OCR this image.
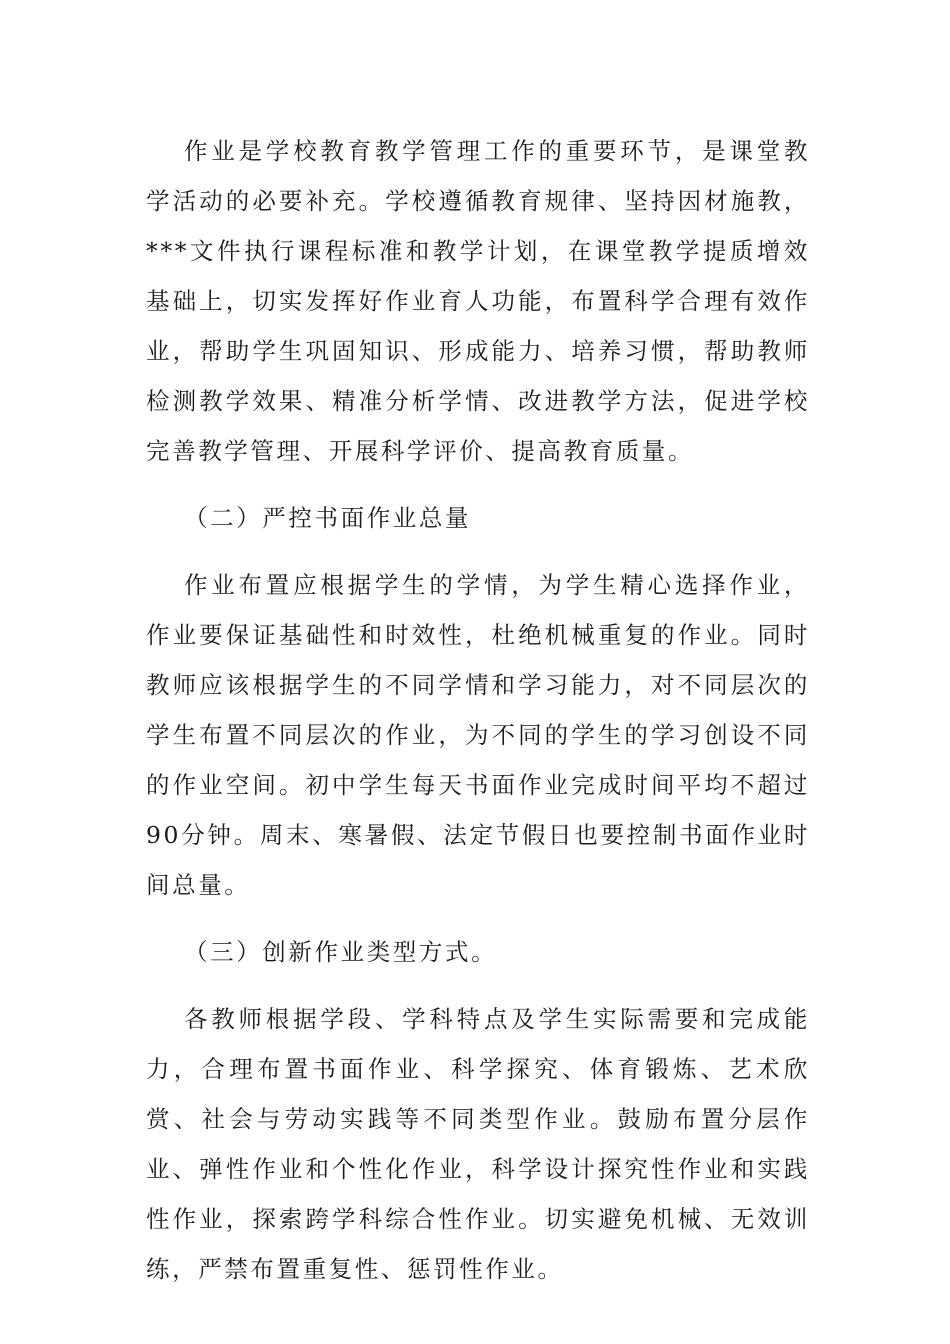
作业是学校教育教学管理工作的重要环节，是课堂教学活动的必要补充。学校遵循教育规律、坚持因材施教，***文件执行课程标准和教学计划，在课堂教学提质增效基础上，切实发挥好作业育人功能，布置科学合理有效作业，帮助学生巩固知识、形成能力、培养习惯，帮助教师检测教学效果、精准分析学情、改进教学方法，促进学校完善教学管理、开展科学评价、提高教育质量。

（二）严控书面作业总量

作业布置应根据学生的学情，为学生精心选择作业，作业要保证基础性和时效性，杜绝机械重复的作业。同时教师应该根据学生的不同学情和学习能力，对不同层次的学生布置不同层次的作业，为不同的学生的学习创设不同的作业空间。初中学生每天书面作业完成时间平均不超过90分钟。周末、寒暑假、法定节假日也要控制书面作业时间总量。

（三）创新作业类型方式。

各教师根据学段、学科特点及学生实际需要和完成能力，合理布置书面作业、科学探究、体育锻炼、艺术欣赏、社会与劳动实践等不同类型作业。鼓励布置分层作业、弹性作业和个性化作业，科学设计探究性作业和实践性作业，探索跨学科综合性作业。切实避免机械、无效训练，严禁布置重复性、惩罚性作业。
